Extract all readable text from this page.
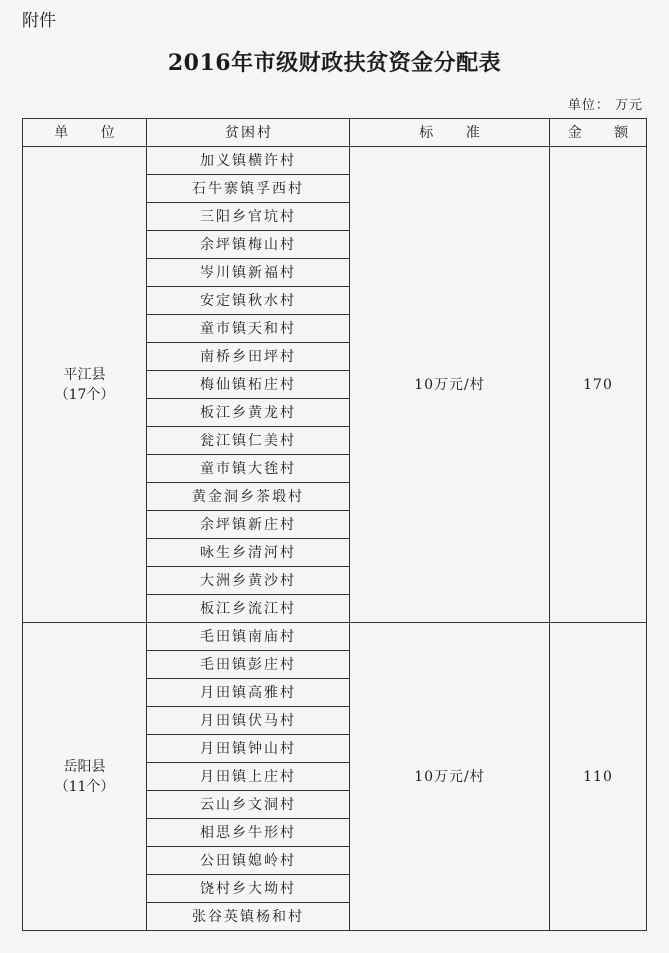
附件
2016年市级财政扶贫资金分配表
单位： 万元
单 位	贫困村	标 准	金 额

平江县
（17个）	加义镇横许村	10万元/村	170
	石牛寨镇孚西村		
	三阳乡官坑村		
	余坪镇梅山村		
	岑川镇新福村		
	安定镇秋水村		
	童市镇天和村		
	南桥乡田坪村		
	梅仙镇柘庄村		
	板江乡黄龙村		
	瓮江镇仁美村		
	童市镇大毪村		
	黄金洞乡茶塅村		
	余坪镇新庄村		
	咏生乡清河村		
	大洲乡黄沙村		
	板江乡流江村		

岳阳县
（11个）	毛田镇南庙村	10万元/村	110
	毛田镇彭庄村		
	月田镇高雅村		
	月田镇伏马村		
	月田镇钟山村		
	月田镇上庄村		
	云山乡文洞村		
	相思乡牛形村		
	公田镇媳岭村		
	饶村乡大坳村		
	张谷英镇杨和村		
